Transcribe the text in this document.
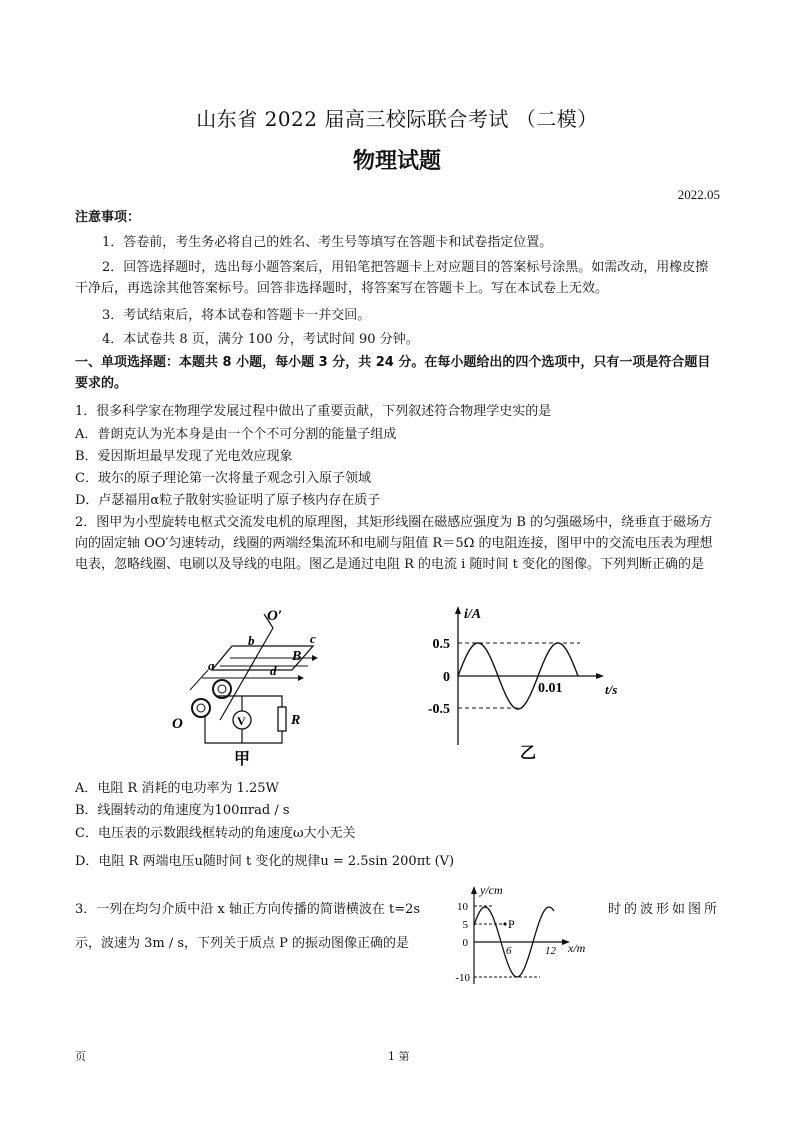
山东省 2022 届高三校际联合考试 （二模）
物理试题
2022.05
注意事项：
1．答卷前，考生务必将自己的姓名、考生号等填写在答题卡和试卷指定位置。
2．回答选择题时，选出每小题答案后，用铅笔把答题卡上对应题目的答案标号涂黑。如需改动，用橡皮擦干净后，再选涂其他答案标号。回答非选择题时，将答案写在答题卡上。写在本试卷上无效。
3．考试结束后，将本试卷和答题卡一并交回。
4．本试卷共 8 页，满分 100 分，考试时间 90 分钟。
一、单项选择题：本题共 8 小题，每小题 3 分，共 24 分。在每小题给出的四个选项中，只有一项是符合题目要求的。
1．很多科学家在物理学发展过程中做出了重要贡献，下列叙述符合物理学史实的是
A．普朗克认为光本身是由一个个不可分割的能量子组成
B．爱因斯坦最早发现了光电效应现象
C．玻尔的原子理论第一次将量子观念引入原子领域
D．卢瑟福用α粒子散射实验证明了原子核内存在质子
2．图甲为小型旋转电枢式交流发电机的原理图，其矩形线圈在磁感应强度为 B 的匀强磁场中，绕垂直于磁场方向的固定轴 OO′匀速转动，线圈的两端经集流环和电刷与阻值 R＝5Ω 的电阻连接，图甲中的交流电压表为理想电表，忽略线圈、电刷以及导线的电阻。图乙是通过电阻 R 的电流 i 随时间 t 变化的图像。下列判断正确的是
O′
b	c
B
a	d
O	V	R
甲
i/A
t/s
0.5
0
-0.5
0.01
乙
A．电阻 R 消耗的电功率为 1.25W
B．线圈转动的角速度为100πrad / s
C．电压表的示数跟线框转动的角速度ω大小无关
D．电阻 R 两端电压u随时间 t 变化的规律u = 2.5sin 200πt (V)
3．一列在均匀介质中沿 x 轴正方向传播的简谐横波在 t=2s	时的波形如图所
示，波速为 3m / s，下列关于质点 P 的振动图像正确的是
y/cm
x/m
10
5
0
-10
6	12
P
页	1 第
